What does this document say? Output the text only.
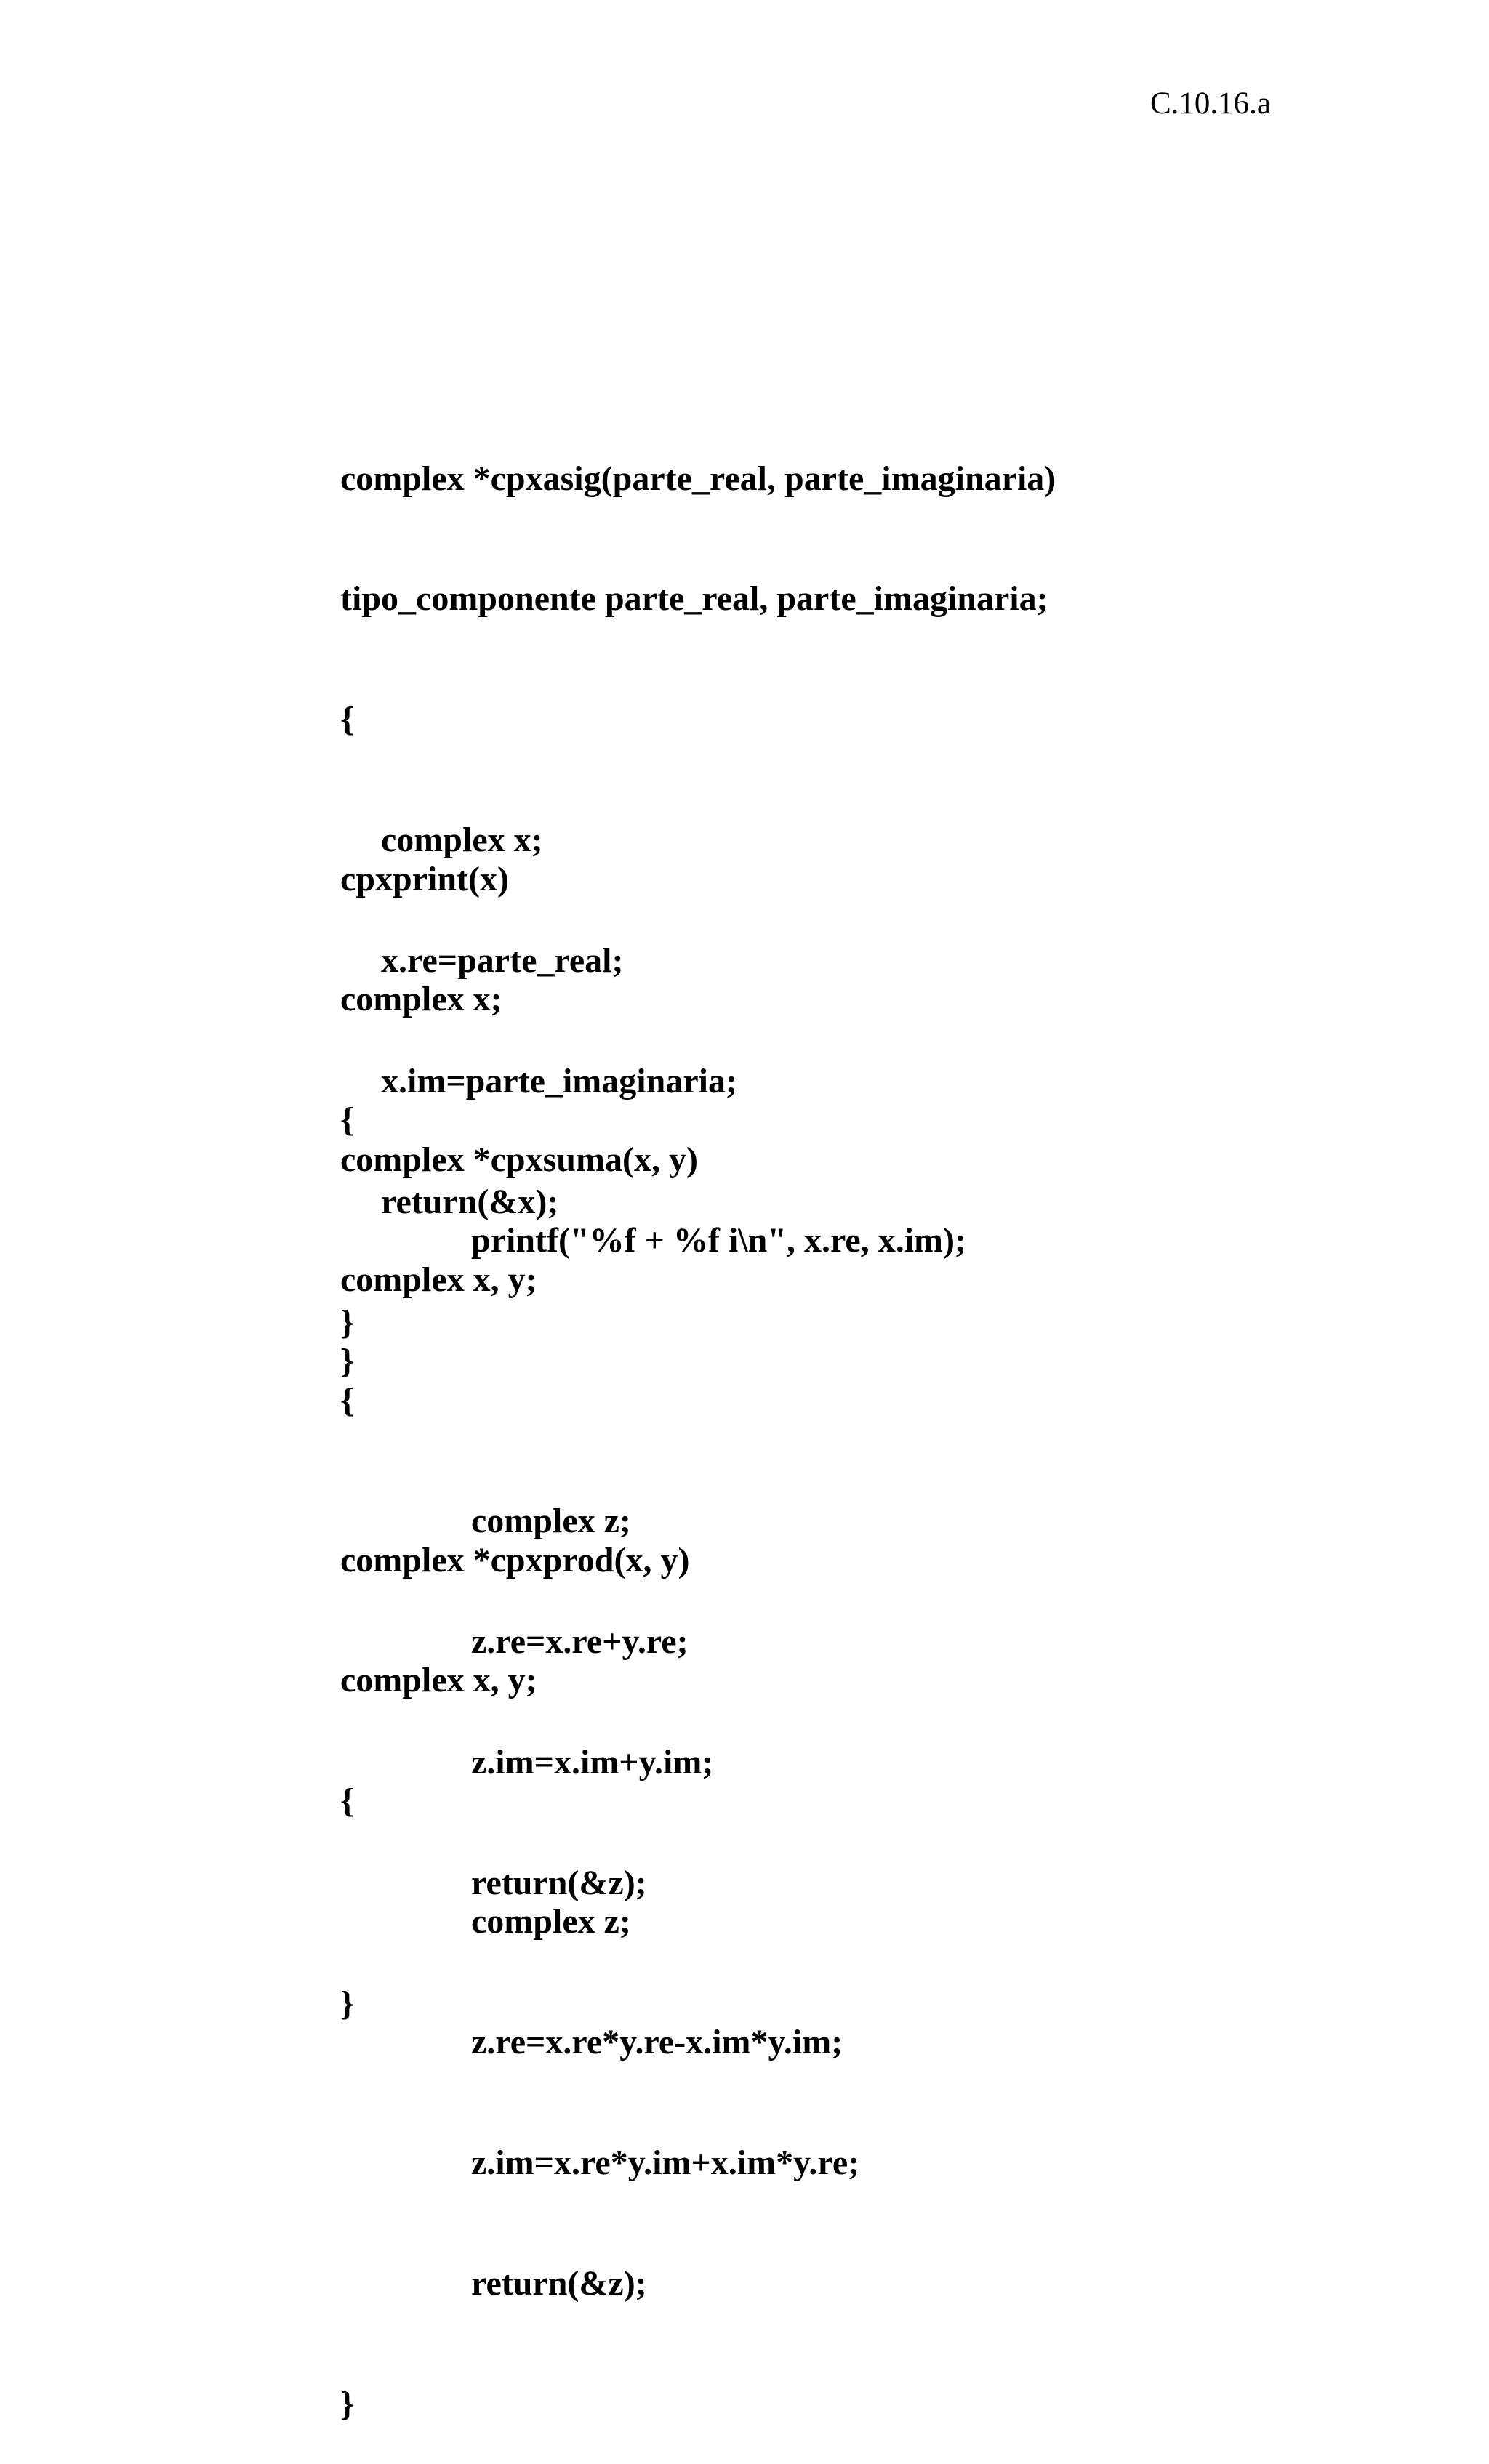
C.10.16.a

complex *cpxasig(parte_real, parte_imaginaria)

tipo_componente parte_real, parte_imaginaria;

{

complex x;

x.re=parte_real;

x.im=parte_imaginaria;

return(&x);

}

cpxprint(x)

complex x;

{

printf("%f + %f i\n", x.re, x.im);

}

complex *cpxsuma(x, y)

complex x, y;

{

complex z;

z.re=x.re+y.re;

z.im=x.im+y.im;

return(&z);

}

complex *cpxprod(x, y)

complex x, y;

{

complex z;

z.re=x.re*y.re-x.im*y.im;

z.im=x.re*y.im+x.im*y.re;

return(&z);

}
